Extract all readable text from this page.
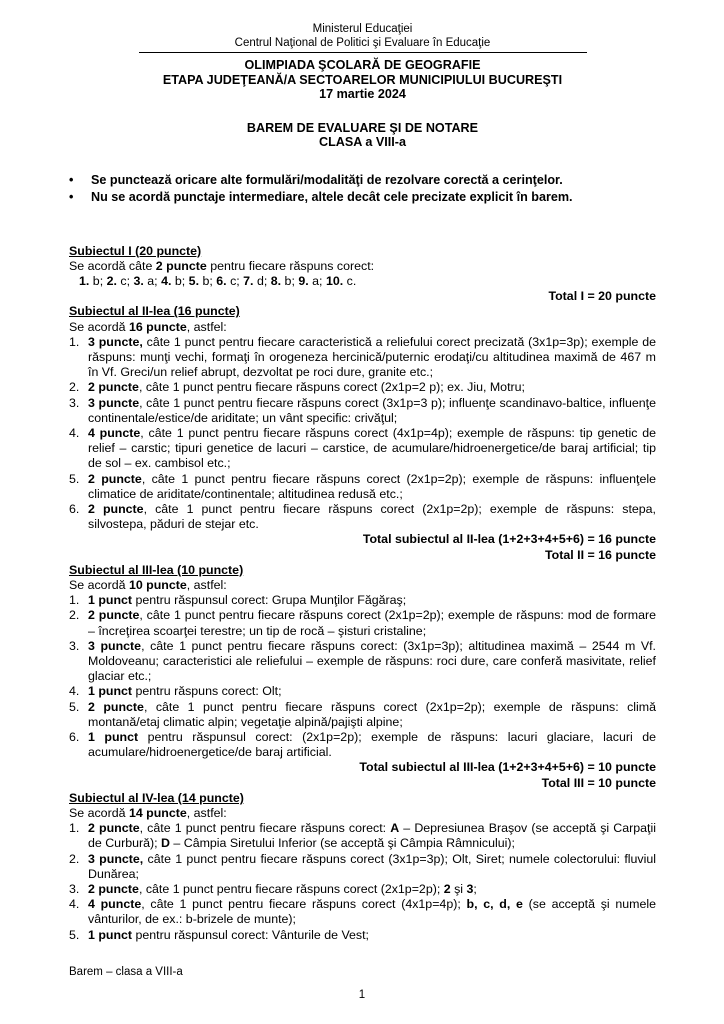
Ministerul Educaţiei
Centrul Naţional de Politici şi Evaluare în Educaţie
OLIMPIADA ŞCOLARĂ DE GEOGRAFIE
ETAPA JUDEŢEANĂ/A SECTOARELOR MUNICIPIULUI BUCUREŞTI
17 martie 2024
BAREM DE EVALUARE ŞI DE NOTARE
CLASA a VIII-a
• Se punctează oricare alte formulări/modalităţi de rezolvare corectă a cerinţelor.
• Nu se acordă punctaje intermediare, altele decât cele precizate explicit în barem.
Subiectul I (20 puncte)
Se acordă câte 2 puncte pentru fiecare răspuns corect:
1. b; 2. c; 3. a; 4. b; 5. b; 6. c; 7. d; 8. b; 9. a; 10. c.
Total I = 20 puncte
Subiectul al II-lea (16 puncte)
Se acordă 16 puncte, astfel:
1. 3 puncte, câte 1 punct pentru fiecare caracteristică a reliefului corect precizată (3x1p=3p); exemple de răspuns: munţi vechi, formaţi în orogeneza hercinică/puternic erodaţi/cu altitudinea maximă de 467 m în Vf. Greci/un relief abrupt, dezvoltat pe roci dure, granite etc.;
2. 2 puncte, câte 1 punct pentru fiecare răspuns corect (2x1p=2 p); ex. Jiu, Motru;
3. 3 puncte, câte 1 punct pentru fiecare răspuns corect (3x1p=3 p); influenţe scandinavo-baltice, influenţe continentale/estice/de ariditate; un vânt specific: crivăţul;
4. 4 puncte, câte 1 punct pentru fiecare răspuns corect (4x1p=4p); exemple de răspuns: tip genetic de relief – carstic; tipuri genetice de lacuri – carstice, de acumulare/hidroenergetice/de baraj artificial; tip de sol – ex. cambisol etc.;
5. 2 puncte, câte 1 punct pentru fiecare răspuns corect (2x1p=2p); exemple de răspuns: influenţele climatice de ariditate/continentale; altitudinea redusă etc.;
6. 2 puncte, câte 1 punct pentru fiecare răspuns corect (2x1p=2p); exemple de răspuns: stepa, silvostepa, păduri de stejar etc.
Total subiectul al II-lea (1+2+3+4+5+6) = 16 puncte
Total II = 16 puncte
Subiectul al III-lea (10 puncte)
Se acordă 10 puncte, astfel:
1. 1 punct pentru răspunsul corect: Grupa Munţilor Făgăraş;
2. 2 puncte, câte 1 punct pentru fiecare răspuns corect (2x1p=2p); exemple de răspuns: mod de formare – încreţirea scoarţei terestre; un tip de rocă – şisturi cristaline;
3. 3 puncte, câte 1 punct pentru fiecare răspuns corect: (3x1p=3p); altitudinea maximă – 2544 m Vf. Moldoveanu; caracteristici ale reliefului – exemple de răspuns: roci dure, care conferă masivitate, relief glaciar etc.;
4. 1 punct pentru răspuns corect: Olt;
5. 2 puncte, câte 1 punct pentru fiecare răspuns corect (2x1p=2p); exemple de răspuns: climă montană/etaj climatic alpin; vegetaţie alpină/pajişti alpine;
6. 1 punct pentru răspunsul corect: (2x1p=2p); exemple de răspuns: lacuri glaciare, lacuri de acumulare/hidroenergetice/de baraj artificial.
Total subiectul al III-lea (1+2+3+4+5+6) = 10 puncte
Total III = 10 puncte
Subiectul al IV-lea (14 puncte)
Se acordă 14 puncte, astfel:
1. 2 puncte, câte 1 punct pentru fiecare răspuns corect: A – Depresiunea Braşov (se acceptă şi Carpaţii de Curbură); D – Câmpia Siretului Inferior (se acceptă şi Câmpia Râmnicului);
2. 3 puncte, câte 1 punct pentru fiecare răspuns corect (3x1p=3p); Olt, Siret; numele colectorului: fluviul Dunărea;
3. 2 puncte, câte 1 punct pentru fiecare răspuns corect (2x1p=2p); 2 şi 3;
4. 4 puncte, câte 1 punct pentru fiecare răspuns corect (4x1p=4p); b, c, d, e (se acceptă şi numele vânturilor, de ex.: b-brizele de munte);
5. 1 punct pentru răspunsul corect: Vânturile de Vest;
Barem – clasa a VIII-a
1
